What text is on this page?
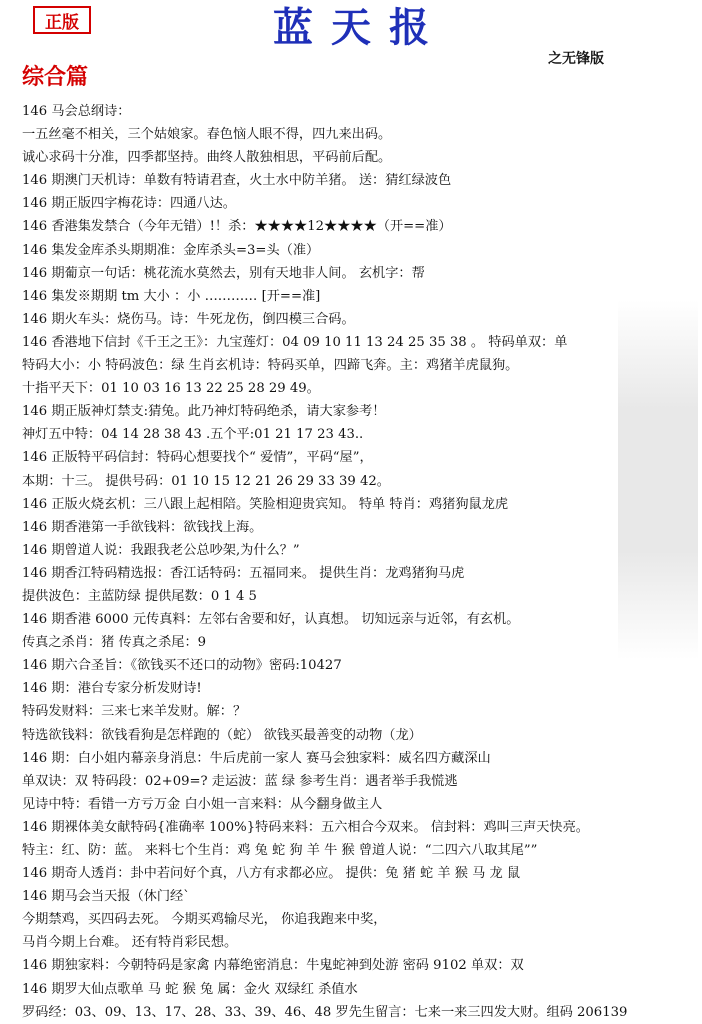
正版	蓝天报
之无锋版
综合篇
146 马会总纲诗：
一五丝毫不相关，三个姑娘家。春色恼人眼不得，四九来出码。
诚心求码十分准，四季都坚持。曲终人散独相思，平码前后配。
146 期澳门天机诗：单数有特请君查，火土水中防羊猪。 送：猜红绿波色
146 期正版四字梅花诗：四通八达。
146 香港集发禁合（今年无错）!！杀：★★★★12★★★★（开==准）
146 集发金库杀头期期准：金库杀头=3=头（准）
146 期葡京一句话：桃花流水莫然去，别有天地非人间。 玄机字：帮
146 集发※期期 tm 大小 ：小 ………… [开==准]
146 期火车头：烧伤马。诗：牛死龙伤，倒四模三合码。
146 香港地下信封《千王之王》：九宝莲灯：04 09 10 11 13 24 25 35 38 。 特码单双：单
特码大小：小 特码波色：绿 生肖玄机诗：特码买单，四蹄飞奔。主：鸡猪羊虎鼠狗。
十指平天下：01 10 03 16 13 22 25 28 29 49。
146 期正版神灯禁支:猜兔。此乃神灯特码绝杀，请大家参考！
神灯五中特：04 14 28 38 43 .五个平:01 21 17 23 43..
146 正版特平码信封：特码心想要找个“ 爱情”，平码“屋”，
本期：十三。 提供号码：01 10 15 12 21 26 29 33 39 42。
146 正版火烧玄机：三八跟上起相陪。笑脸相迎贵宾知。 特单 特肖：鸡猪狗鼠龙虎
146 期香港第一手欲钱料：欲钱找上海。
146 期曾道人说：我跟我老公总吵架,为什么？”
146 期香江特码精选报：香江话特码：五福同来。 提供生肖：龙鸡猪狗马虎
提供波色：主蓝防绿 提供尾数：0 1 4 5
146 期香港 6000 元传真料：左邻右舍要和好，认真想。 切知远亲与近邻，有玄机。
传真之杀肖：猪 传真之杀尾：9
146 期六合圣旨：《欲钱买不还口的动物》密码:10427
146 期：港台专家分析发财诗!
特码发财料：三来七来羊发财。解：？
特选欲钱料：欲钱看狗是怎样跑的（蛇） 欲钱买最善变的动物（龙）
146 期：白小姐内幕亲身消息：牛后虎前一家人 赛马会独家料：威名四方藏深山
单双诀：双 特码段：02+09=? 走运波：蓝 绿 参考生肖：遇者举手我慌逃
见诗中特：看错一方亏万金 白小姐一言来料：从今翻身做主人
146 期裸体美女献特码{准确率 100%}特码来料：五六相合今双来。 信封料：鸡叫三声天快亮。
特主：红、防：蓝。 来料七个生肖：鸡 兔 蛇 狗 羊 牛 猴 曾道人说：“二四六八取其尾””
146 期奇人透肖：卦中若问好个真，八方有求都必应。 提供：兔 猪 蛇 羊 猴 马 龙 鼠
146 期马会当天报（休门经`
今期禁鸡，买四码去死。 今期买鸡输尽光， 你追我跑来中奖，
马肖今期上台难。 还有特肖彩民想。
146 期独家料：今朝特码是家禽 内幕绝密消息：牛鬼蛇神到处游 密码 9102 单双：双
146 期罗大仙点歌单 马 蛇 猴 兔 属：金火 双绿红 杀值水
罗码经：03、09、13、17、28、33、39、46、48 罗先生留言：七来一来三四发大财。组码 206139
